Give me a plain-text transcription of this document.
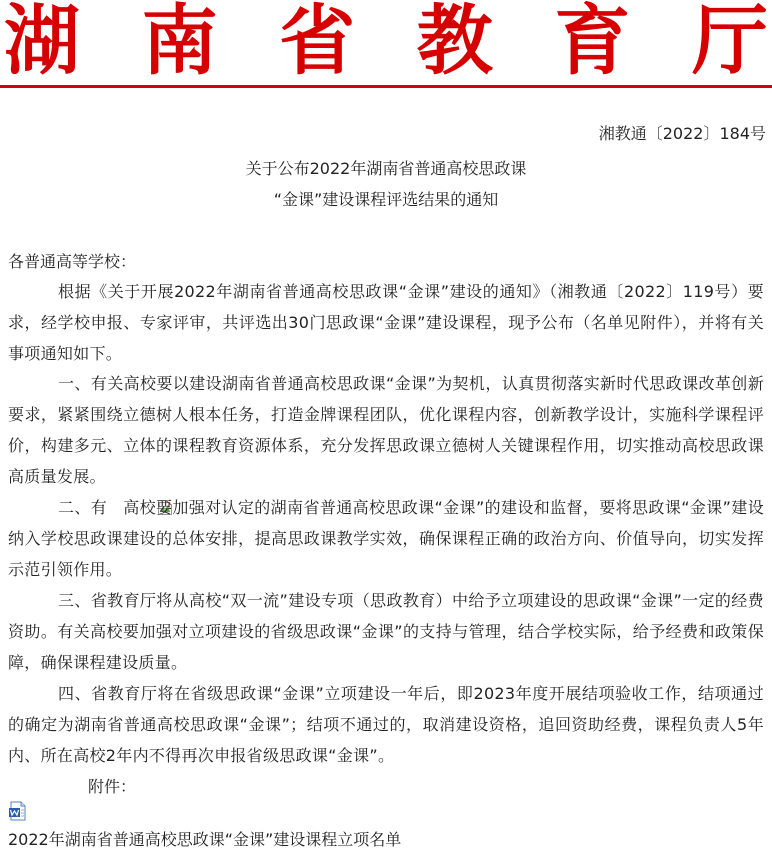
湖 南 省 教 育 厅
湘教通〔2022〕184号
关于公布2022年湖南省普通高校思政课
“金课”建设课程评选结果的通知
各普通高等学校：
根据《关于开展2022年湖南省普通高校思政课“金课”建设的通知》（湘教通〔2022〕119号）要求，经学校申报、专家评审，共评选出30门思政课“金课”建设课程，现予公布（名单见附件），并将有关事项通知如下。
一、有关高校要以建设湖南省普通高校思政课“金课”为契机，认真贯彻落实新时代思政课改革创新要求，紧紧围绕立德树人根本任务，打造金牌课程团队，优化课程内容，创新教学设计，实施科学课程评价，构建多元、立体的课程教育资源体系，充分发挥思政课立德树人关键课程作用，切实推动高校思政课高质量发展。
二、有 高校要加强对认定的湖南省普通高校思政课“金课”的建设和监督，要将思政课“金课”建设纳入学校思政课建设的总体安排，提高思政课教学实效，确保课程正确的政治方向、价值导向，切实发挥示范引领作用。
三、省教育厅将从高校“双一流”建设专项（思政教育）中给予立项建设的思政课“金课”一定的经费资助。有关高校要加强对立项建设的省级思政课“金课”的支持与管理，结合学校实际，给予经费和政策保障，确保课程建设质量。
四、省教育厅将在省级思政课“金课”立项建设一年后，即2023年度开展结项验收工作，结项通过的确定为湖南省普通高校思政课“金课”；结项不通过的，取消建设资格，追回资助经费，课程负责人5年内、所在高校2年内不得再次申报省级思政课“金课”。
附件：
2022年湖南省普通高校思政课“金课”建设课程立项名单
